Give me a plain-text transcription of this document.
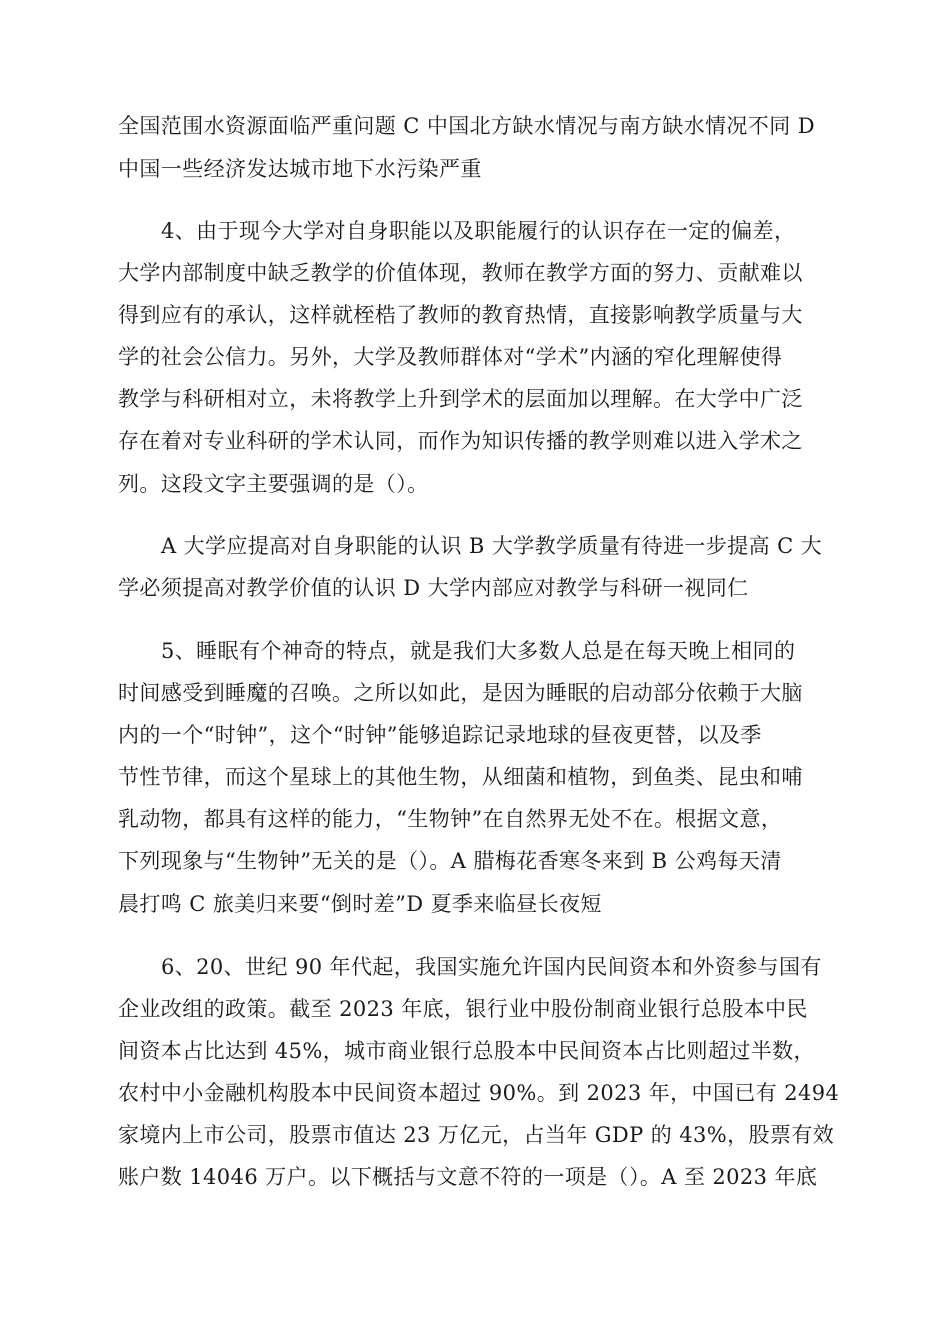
全国范围水资源面临严重问题 C 中国北方缺水情况与南方缺水情况不同 D
中国一些经济发达城市地下水污染严重
4、由于现今大学对自身职能以及职能履行的认识存在一定的偏差，
大学内部制度中缺乏教学的价值体现，教师在教学方面的努力、贡献难以
得到应有的承认，这样就桎梏了教师的教育热情，直接影响教学质量与大
学的社会公信力。另外，大学及教师群体对“学术”内涵的窄化理解使得
教学与科研相对立，未将教学上升到学术的层面加以理解。在大学中广泛
存在着对专业科研的学术认同，而作为知识传播的教学则难以进入学术之
列。这段文字主要强调的是（）。
A 大学应提高对自身职能的认识 B 大学教学质量有待进一步提高 C 大
学必须提高对教学价值的认识 D 大学内部应对教学与科研一视同仁
5、睡眠有个神奇的特点，就是我们大多数人总是在每天晚上相同的
时间感受到睡魔的召唤。之所以如此，是因为睡眠的启动部分依赖于大脑
内的一个“时钟”，这个“时钟”能够追踪记录地球的昼夜更替，以及季
节性节律，而这个星球上的其他生物，从细菌和植物，到鱼类、昆虫和哺
乳动物，都具有这样的能力，“生物钟”在自然界无处不在。根据文意，
下列现象与“生物钟”无关的是（）。A 腊梅花香寒冬来到 B 公鸡每天清
晨打鸣 C 旅美归来要“倒时差”D 夏季来临昼长夜短
6、20、世纪 90 年代起，我国实施允许国内民间资本和外资参与国有
企业改组的政策。截至 2023 年底，银行业中股份制商业银行总股本中民
间资本占比达到 45%，城市商业银行总股本中民间资本占比则超过半数，
农村中小金融机构股本中民间资本超过 90%。到 2023 年，中国已有 2494
家境内上市公司，股票市值达 23 万亿元，占当年 GDP 的 43%，股票有效
账户数 14046 万户。以下概括与文意不符的一项是（）。A 至 2023 年底
